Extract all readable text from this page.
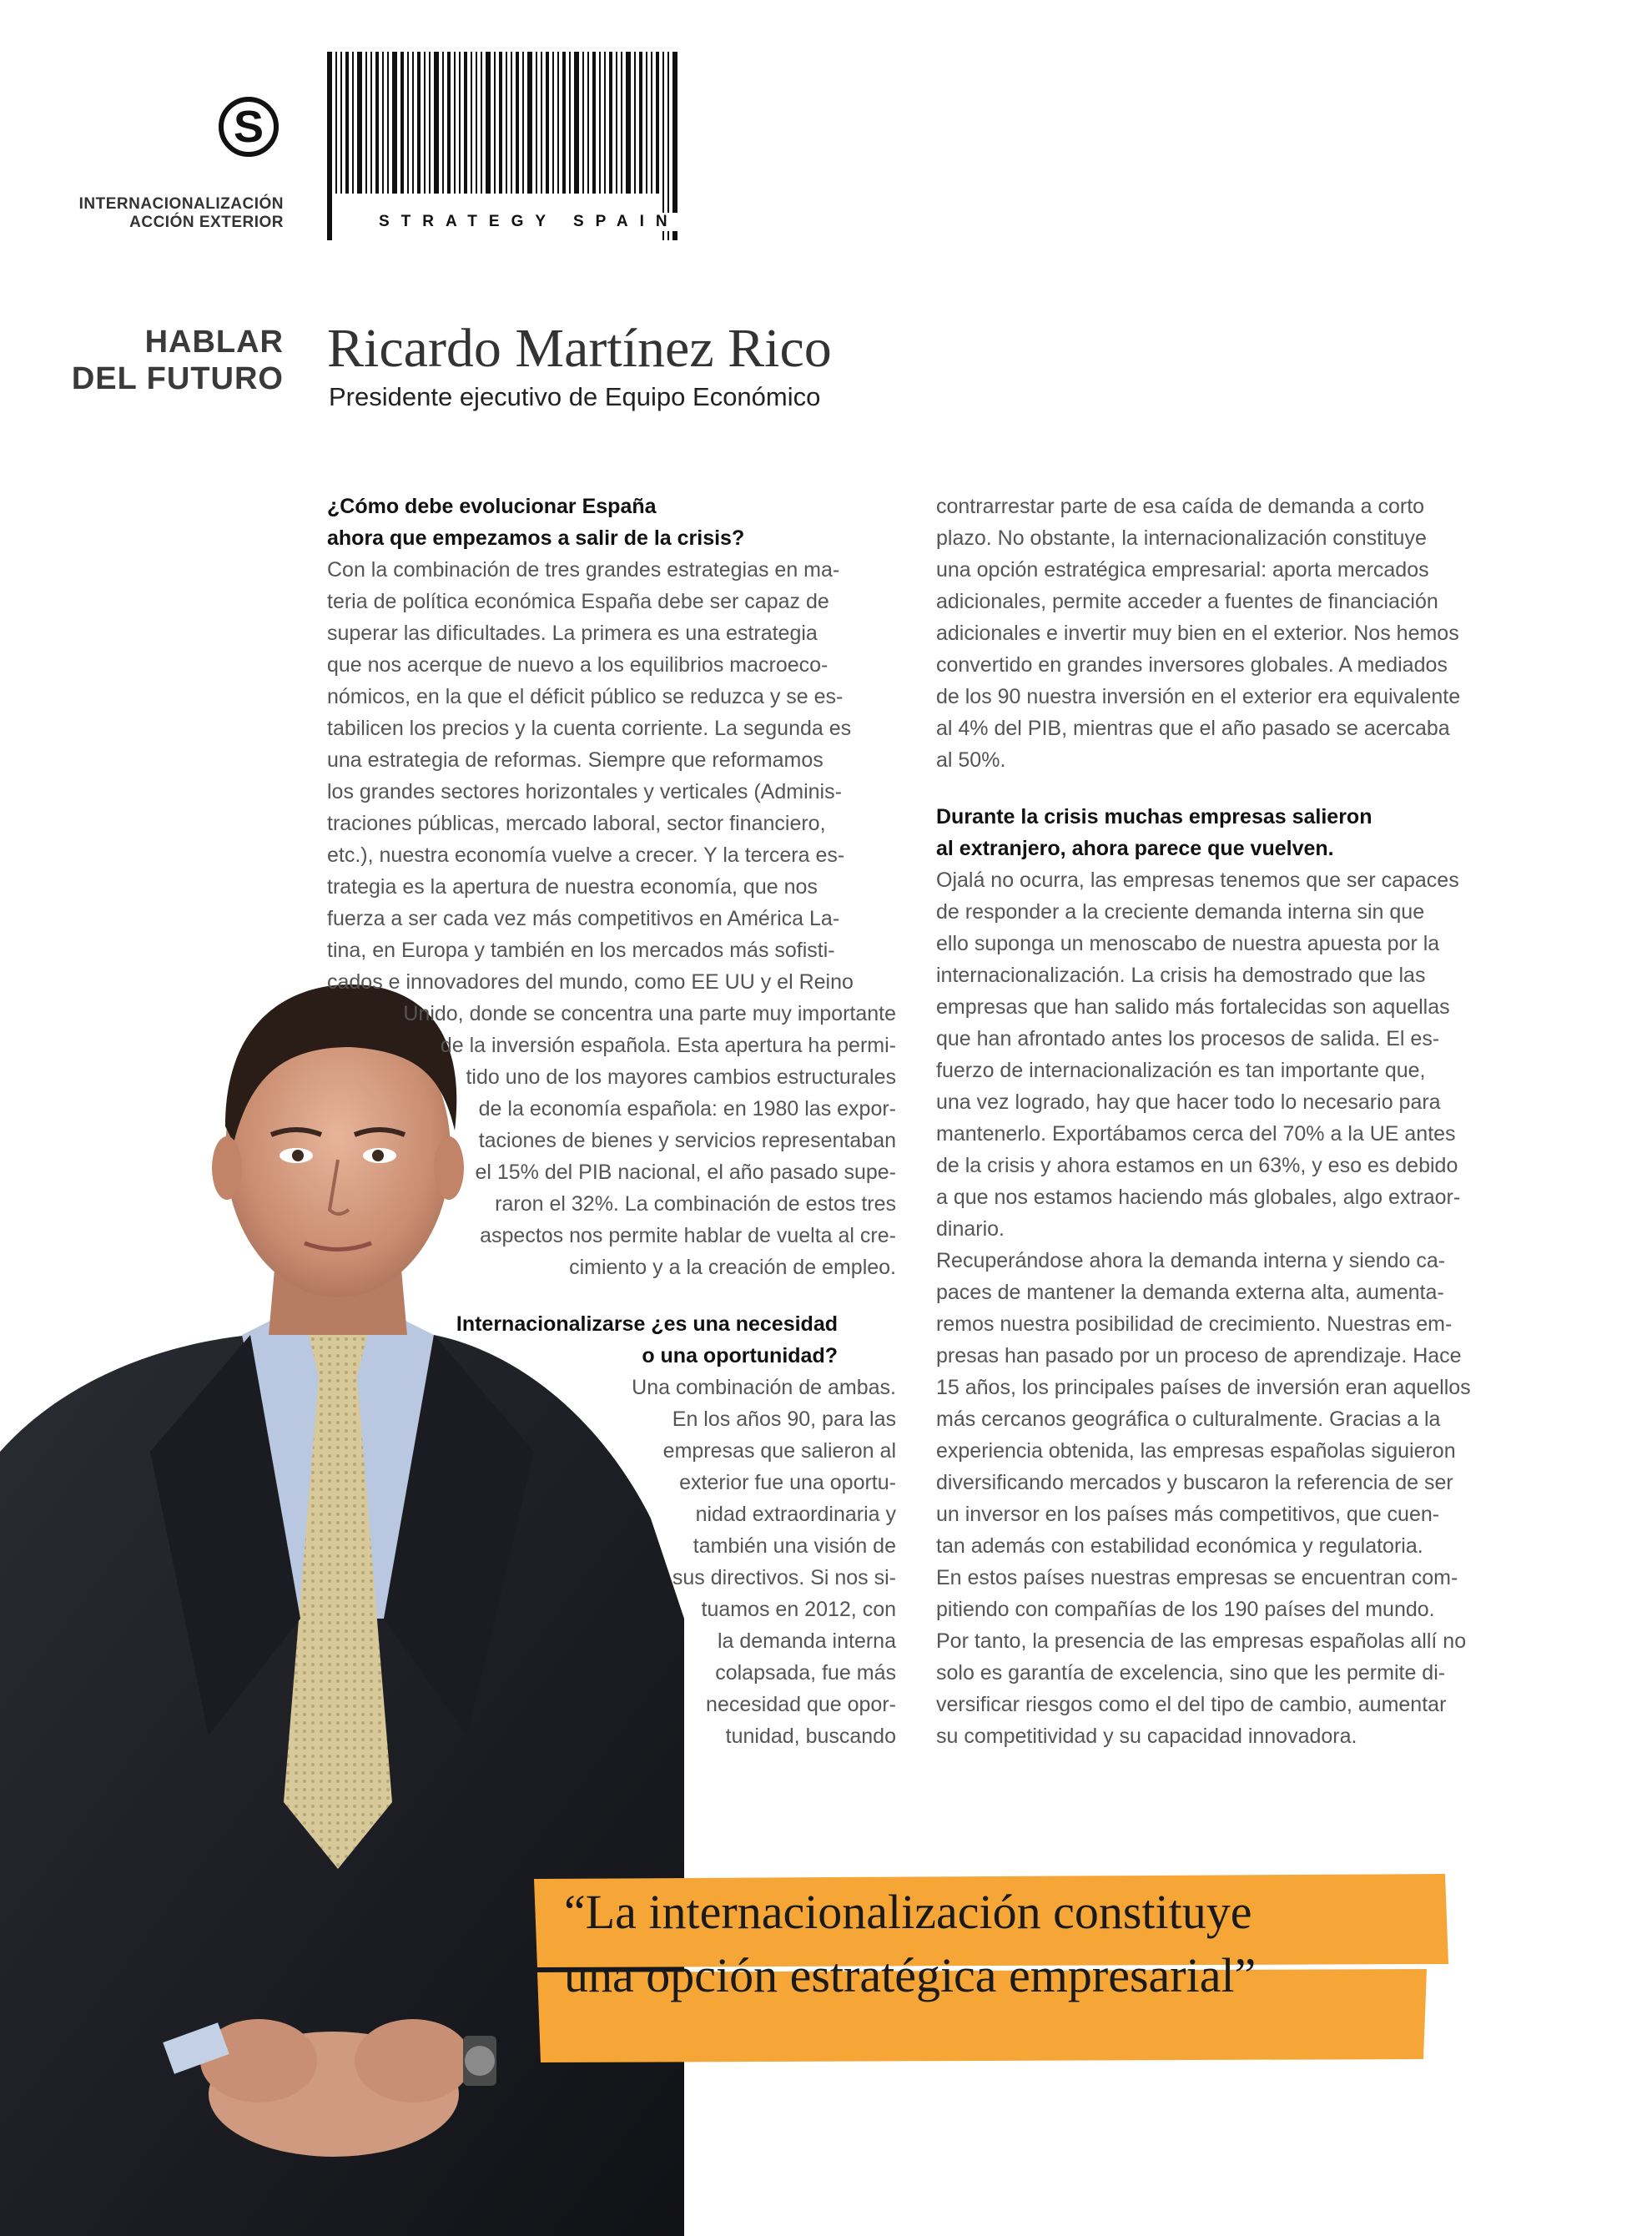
S
INTERNACIONALIZACIÓN
ACCIÓN EXTERIOR	STRATEGY SPAIN
HABLAR
DEL FUTURO Ricardo Martínez Rico
Presidente ejecutivo de Equipo Económico
¿Cómo debe evolucionar España
ahora que empezamos a salir de la crisis?
Con la combinación de tres grandes estrategias en ma-
teria de política económica España debe ser capaz de
superar las dificultades. La primera es una estrategia
que nos acerque de nuevo a los equilibrios macroeco-
nómicos, en la que el déficit público se reduzca y se es-
tabilicen los precios y la cuenta corriente. La segunda es
una estrategia de reformas. Siempre que reformamos
los grandes sectores horizontales y verticales (Adminis-
traciones públicas, mercado laboral, sector financiero,
etc.), nuestra economía vuelve a crecer. Y la tercera es-
trategia es la apertura de nuestra economía, que nos
fuerza a ser cada vez más competitivos en América La-
tina, en Europa y también en los mercados más sofisti-
cados e innovadores del mundo, como EE UU y el Reino
Unido, donde se concentra una parte muy importante
de la inversión española. Esta apertura ha permi-
tido uno de los mayores cambios estructurales
de la economía española: en 1980 las expor-
taciones de bienes y servicios representaban
el 15% del PIB nacional, el año pasado supe-
raron el 32%. La combinación de estos tres
aspectos nos permite hablar de vuelta al cre-
cimiento y a la creación de empleo.
Internacionalizarse ¿es una necesidad
o una oportunidad?
Una combinación de ambas.
En los años 90, para las
empresas que salieron al
exterior fue una oportu-
nidad extraordinaria y
también una visión de
sus directivos. Si nos si-
tuamos en 2012, con
la demanda interna
colapsada, fue más
necesidad que opor-
tunidad, buscando
contrarrestar parte de esa caída de demanda a corto
plazo. No obstante, la internacionalización constituye
una opción estratégica empresarial: aporta mercados
adicionales, permite acceder a fuentes de financiación
adicionales e invertir muy bien en el exterior. Nos hemos
convertido en grandes inversores globales. A mediados
de los 90 nuestra inversión en el exterior era equivalente
al 4% del PIB, mientras que el año pasado se acercaba
al 50%.
Durante la crisis muchas empresas salieron
al extranjero, ahora parece que vuelven.
Ojalá no ocurra, las empresas tenemos que ser capaces
de responder a la creciente demanda interna sin que
ello suponga un menoscabo de nuestra apuesta por la
internacionalización. La crisis ha demostrado que las
empresas que han salido más fortalecidas son aquellas
que han afrontado antes los procesos de salida. El es-
fuerzo de internacionalización es tan importante que,
una vez logrado, hay que hacer todo lo necesario para
mantenerlo. Exportábamos cerca del 70% a la UE antes
de la crisis y ahora estamos en un 63%, y eso es debido
a que nos estamos haciendo más globales, algo extraor-
dinario.
Recuperándose ahora la demanda interna y siendo ca-
paces de mantener la demanda externa alta, aumenta-
remos nuestra posibilidad de crecimiento. Nuestras em-
presas han pasado por un proceso de aprendizaje. Hace
15 años, los principales países de inversión eran aquellos
más cercanos geográfica o culturalmente. Gracias a la
experiencia obtenida, las empresas españolas siguieron
diversificando mercados y buscaron la referencia de ser
un inversor en los países más competitivos, que cuen-
tan además con estabilidad económica y regulatoria.
En estos países nuestras empresas se encuentran com-
pitiendo con compañías de los 190 países del mundo.
Por tanto, la presencia de las empresas españolas allí no
solo es garantía de excelencia, sino que les permite di-
versificar riesgos como el del tipo de cambio, aumentar
su competitividad y su capacidad innovadora.
“La internacionalización constituye
una opción estratégica empresarial”
